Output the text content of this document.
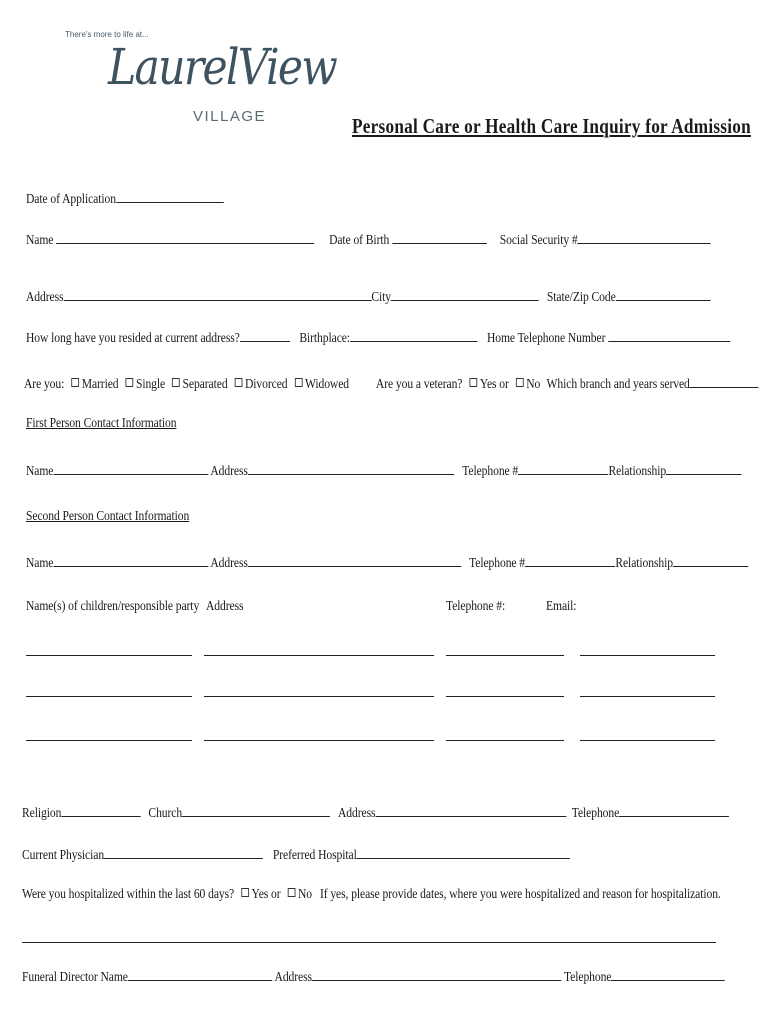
There's more to life at...
LaurelView
VILLAGE	Personal Care or Health Care Inquiry for Admission
Date of Application
Name	Date of Birth	Social Security #
Address	City	State/Zip Code
How long have you resided at current address?	Birthplace:	Home Telephone Number
Are you: Married Single Separated Divorced Widowed Are you a veteran? Yes or No Which branch and years served
First Person Contact Information
Name	Address	Telephone #	Relationship
Second Person Contact Information
Name	Address	Telephone #	Relationship
Name(s) of children/responsible party Address	Telephone #:	Email:
Religion	Church	Address	Telephone
Current Physician	Preferred Hospital
Were you hospitalized within the last 60 days? Yes or No If yes, please provide dates, where you were hospitalized and reason for hospitalization.
Funeral Director Name	Address	Telephone
